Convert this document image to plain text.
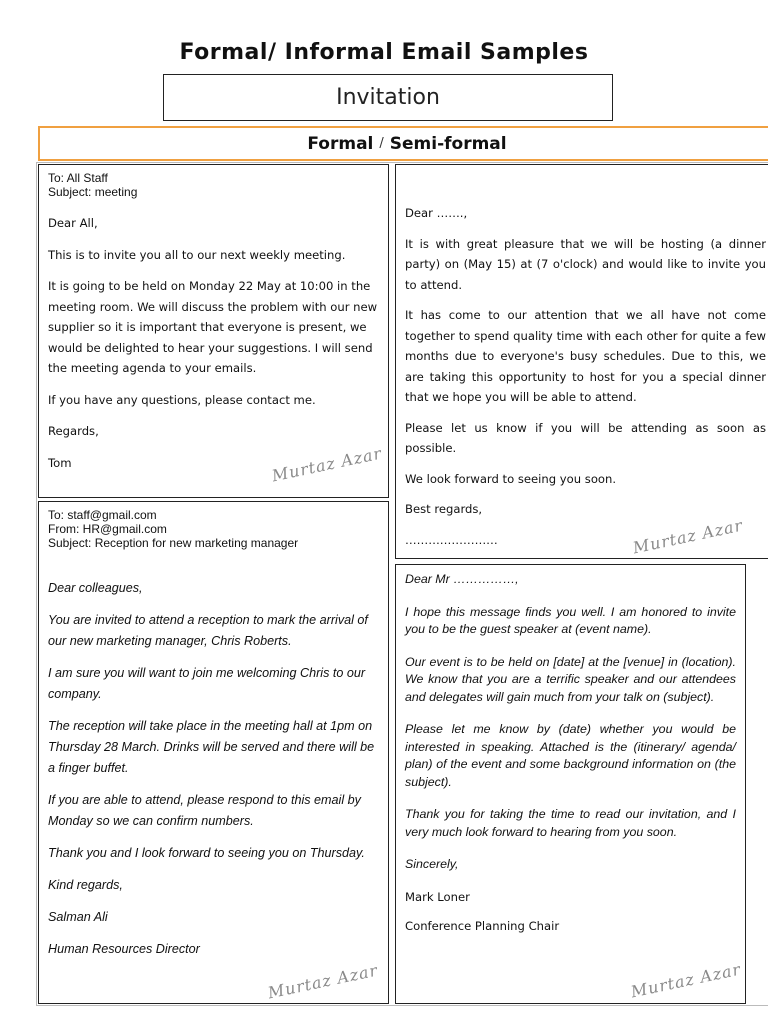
Formal/ Informal Email Samples
Invitation
Formal / Semi-formal
To: All Staff
Subject: meeting

Dear All,

This is to invite you all to our next weekly meeting.

It is going to be held on Monday 22 May at 10:00 in the meeting room. We will discuss the problem with our new supplier so it is important that everyone is present, we would be delighted to hear your suggestions. I will send the meeting agenda to your emails.

If you have any questions, please contact me.

Regards,

Tom	Murtaz Azar

Dear …….,

It is with great pleasure that we will be hosting (a dinner party) on (May 15) at (7 o'clock) and would like to invite you to attend.

It has come to our attention that we all have not come together to spend quality time with each other for quite a few months due to everyone's busy schedules. Due to this, we are taking this opportunity to host for you a special dinner that we hope you will be able to attend.

Please let us know if you will be attending as soon as possible.

We look forward to seeing you soon.

Best regards,

……………………	Murtaz Azar
To: staff@gmail.com
From: HR@gmail.com
Subject: Reception for new marketing manager

Dear colleagues,

You are invited to attend a reception to mark the arrival of our new marketing manager, Chris Roberts.

I am sure you will want to join me welcoming Chris to our company.

The reception will take place in the meeting hall at 1pm on Thursday 28 March. Drinks will be served and there will be a finger buffet.

If you are able to attend, please respond to this email by Monday so we can confirm numbers.

Thank you and I look forward to seeing you on Thursday.

Kind regards,

Salman Ali

Human Resources Director

Murtaz Azar

Dear Mr ……………,

I hope this message finds you well. I am honored to invite you to be the guest speaker at (event name).

Our event is to be held on [date] at the [venue] in (location). We know that you are a terrific speaker and our attendees and delegates will gain much from your talk on (subject).

Please let me know by (date) whether you would be interested in speaking. Attached is the (itinerary/ agenda/ plan) of the event and some background information on (the subject).

Thank you for taking the time to read our invitation, and I very much look forward to hearing from you soon.

Sincerely,

Mark Loner

Conference Planning Chair

Murtaz Azar
